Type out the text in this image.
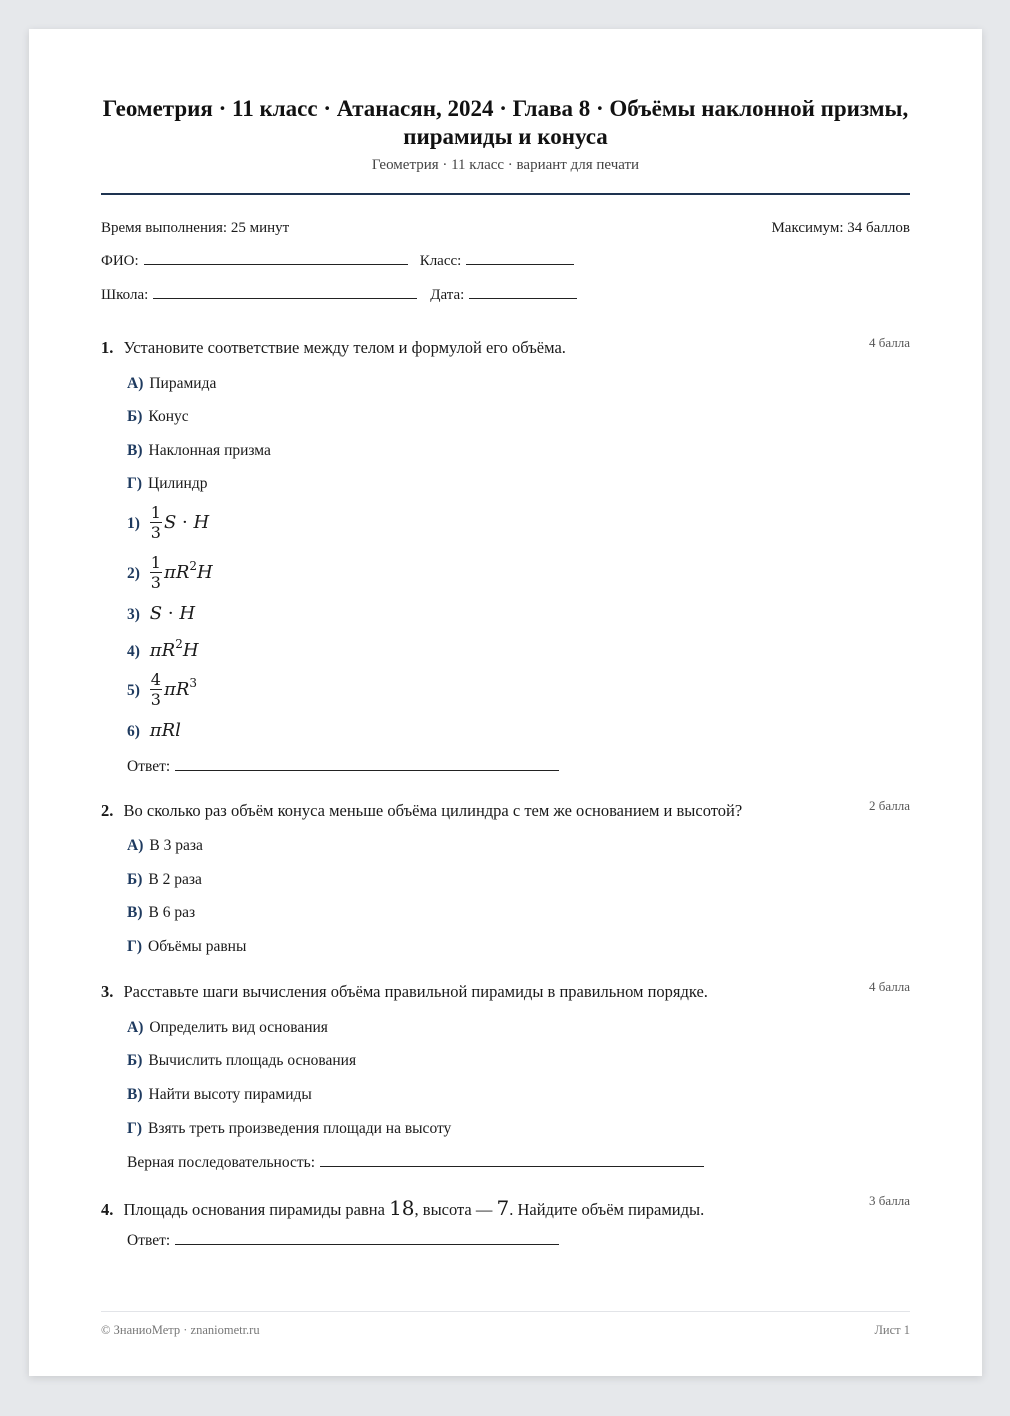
Геометрия · 11 класс · Атанасян, 2024 · Глава 8 · Объёмы наклонной призмы, пирамиды и конуса
Геометрия · 11 класс · вариант для печати
Время выполнения: 25 минут	Максимум: 34 баллов
ФИО:	Класс:
Школа:	Дата:
1. Установите соответствие между телом и формулой его объёма.	4 балла
А) Пирамида
Б) Конус
В) Наклонная призма
Г) Цилиндр
$1) \frac{1}{3}$ S · H
$2) \frac{1}{3} \pi R^2H$
3) S · H
4) $\pi R^2H$
$5) \frac{4}{3} \pi R^3$
6) πRl
Ответ:
2. Во сколько раз объём конуса меньше объёма цилиндра с тем же основанием и высотой?	2 балла
А) В 3 раза
Б) В 2 раза
В) В 6 раз
Г) Объёмы равны
3. Расставьте шаги вычисления объёма правильной пирамиды в правильном порядке.	4 балла
А) Определить вид основания
Б) Вычислить площадь основания
В) Найти высоту пирамиды
Г) Взять треть произведения площади на высоту
Верная последовательность:
4. Площадь основания пирамиды равна 18, высота — 7. Найдите объём пирамиды.	3 балла
Ответ:
© ЗнаниоМетр · znaniometr.ru	Лист 1
